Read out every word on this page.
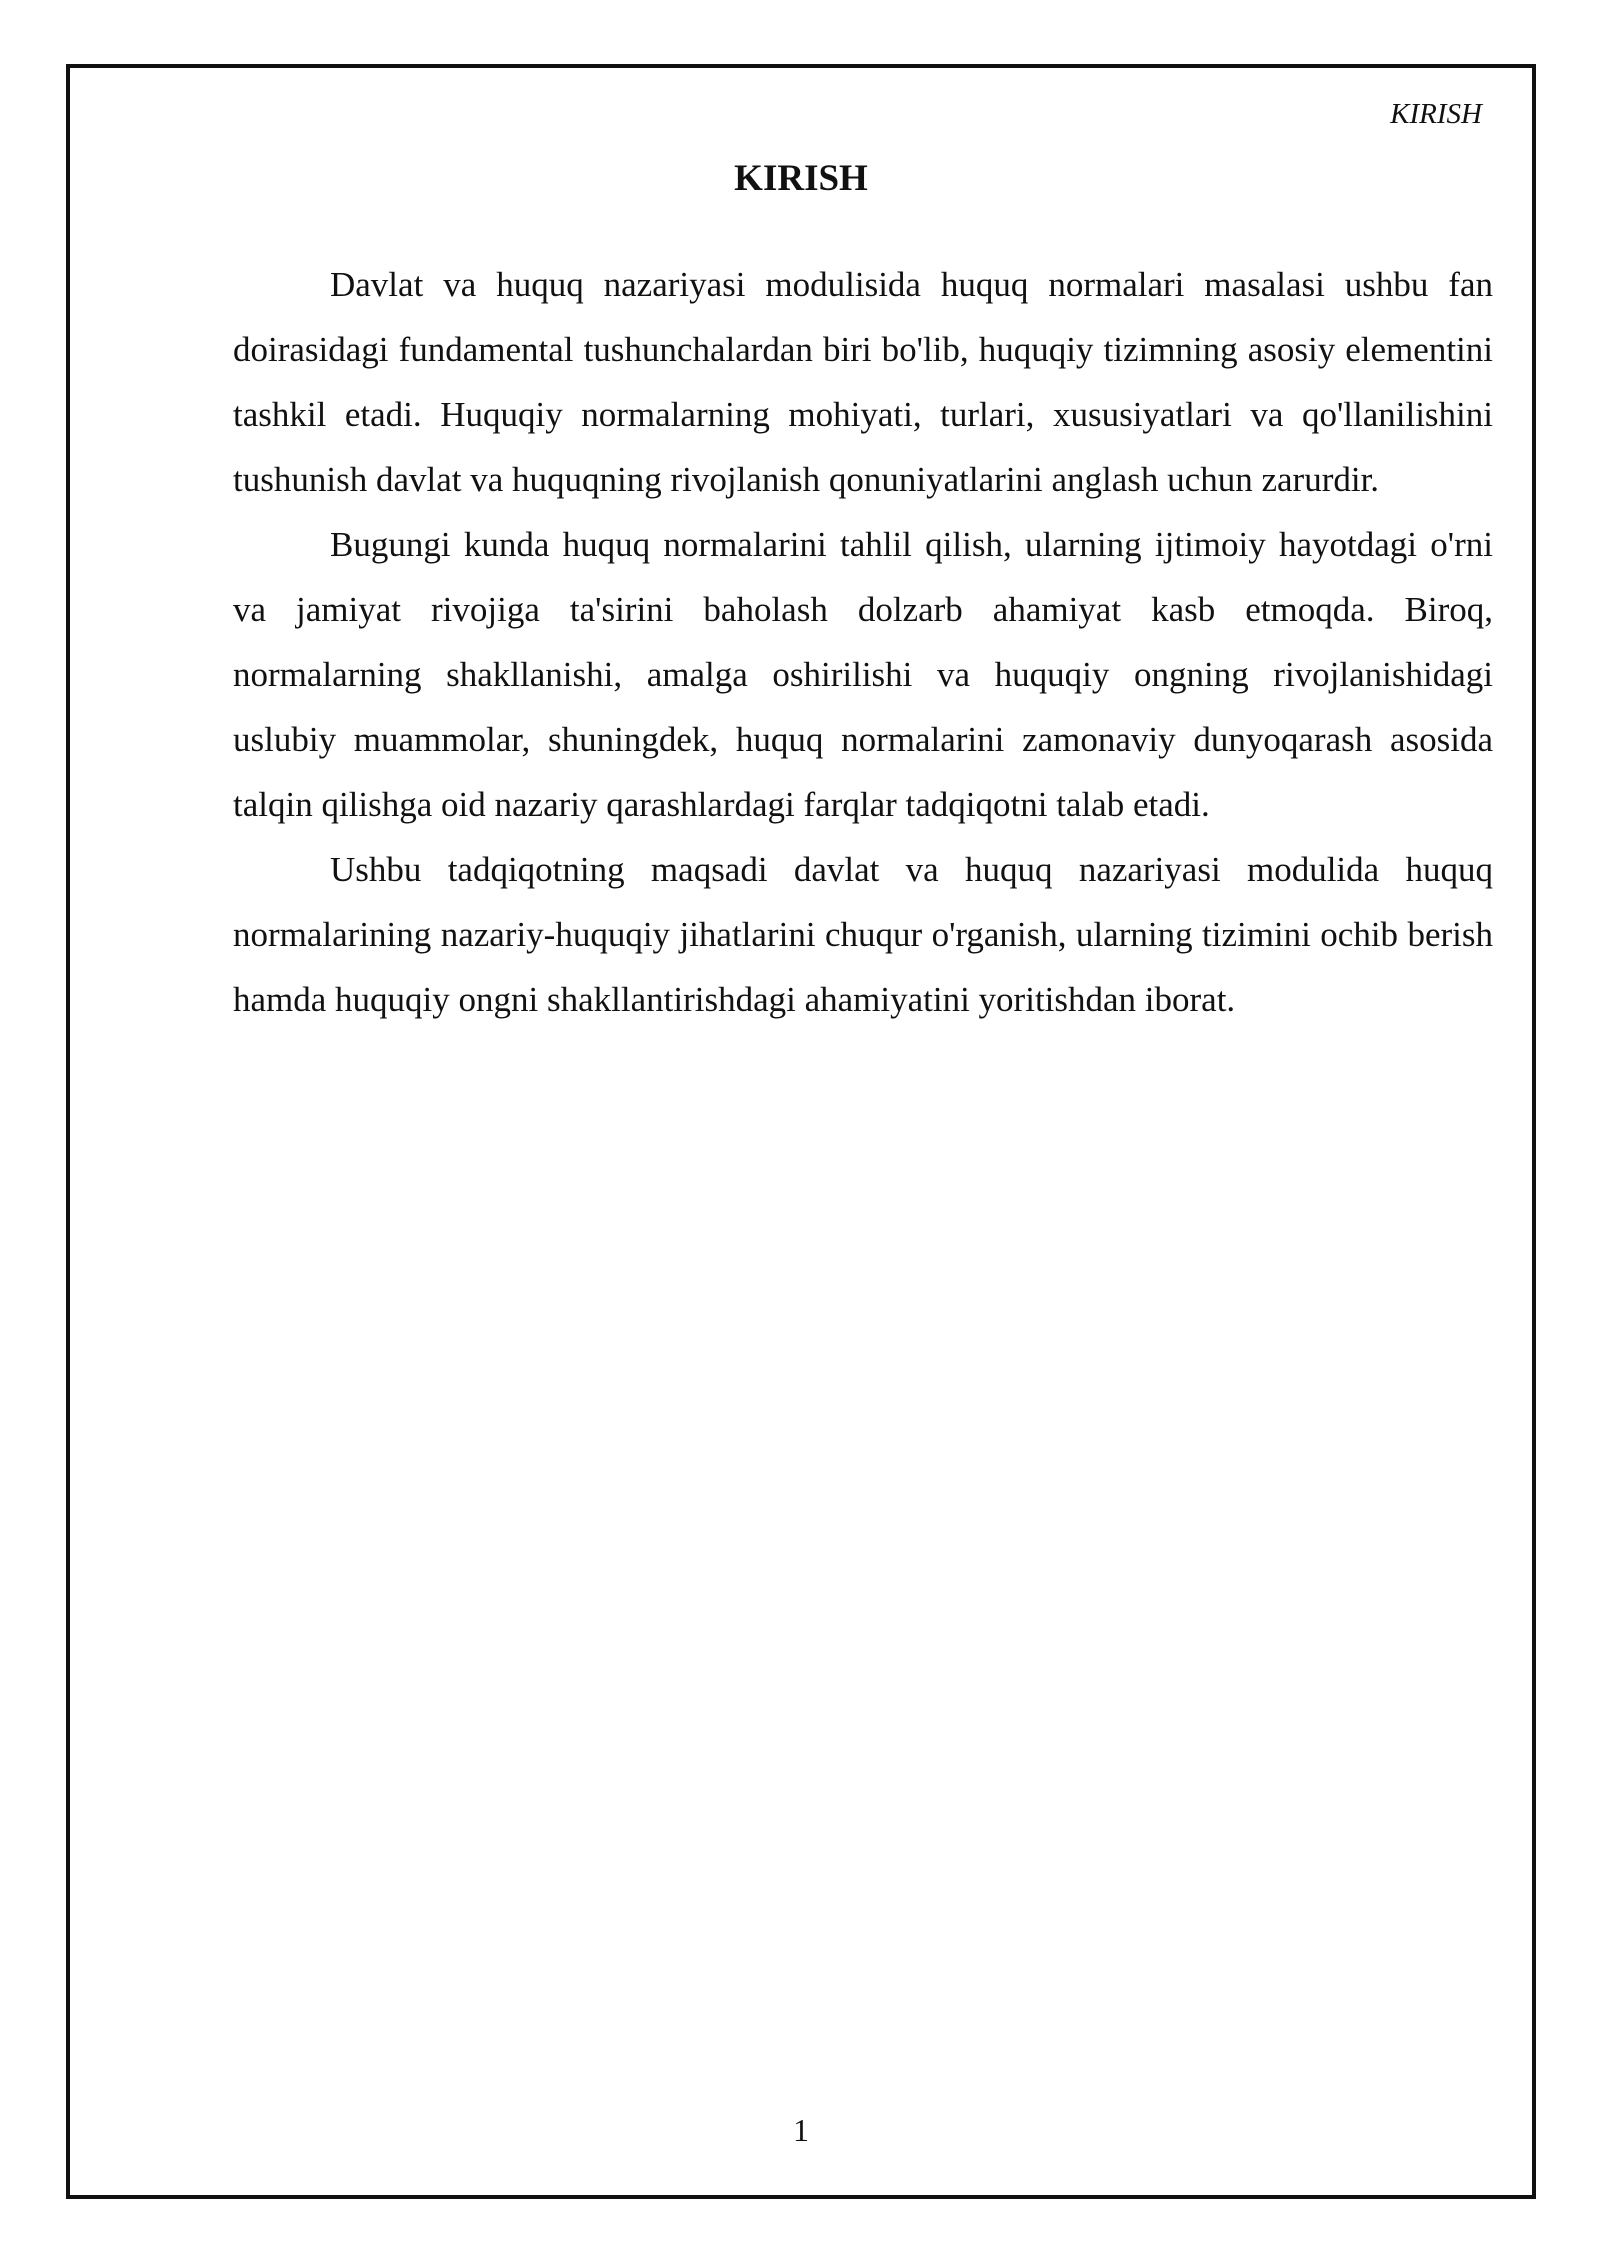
KIRISH
KIRISH

Davlat va huquq nazariyasi modulisida huquq normalari masalasi ushbu fan doirasidagi fundamental tushunchalardan biri bo'lib, huquqiy tizimning asosiy elementini tashkil etadi. Huquqiy normalarning mohiyati, turlari, xususiyatlari va qo'llanilishini tushunish davlat va huquqning rivojlanish qonuniyatlarini anglash uchun zarurdir.

Bugungi kunda huquq normalarini tahlil qilish, ularning ijtimoiy hayotdagi o'rni va jamiyat rivojiga ta'sirini baholash dolzarb ahamiyat kasb etmoqda. Biroq, normalarning shakllanishi, amalga oshirilishi va huquqiy ongning rivojlanishidagi uslubiy muammolar, shuningdek, huquq normalarini zamonaviy dunyoqarash asosida talqin qilishga oid nazariy qarashlardagi farqlar tadqiqotni talab etadi.

Ushbu tadqiqotning maqsadi davlat va huquq nazariyasi modulida huquq normalarining nazariy-huquqiy jihatlarini chuqur o'rganish, ularning tizimini ochib berish hamda huquqiy ongni shakllantirishdagi ahamiyatini yoritishdan iborat.

1
